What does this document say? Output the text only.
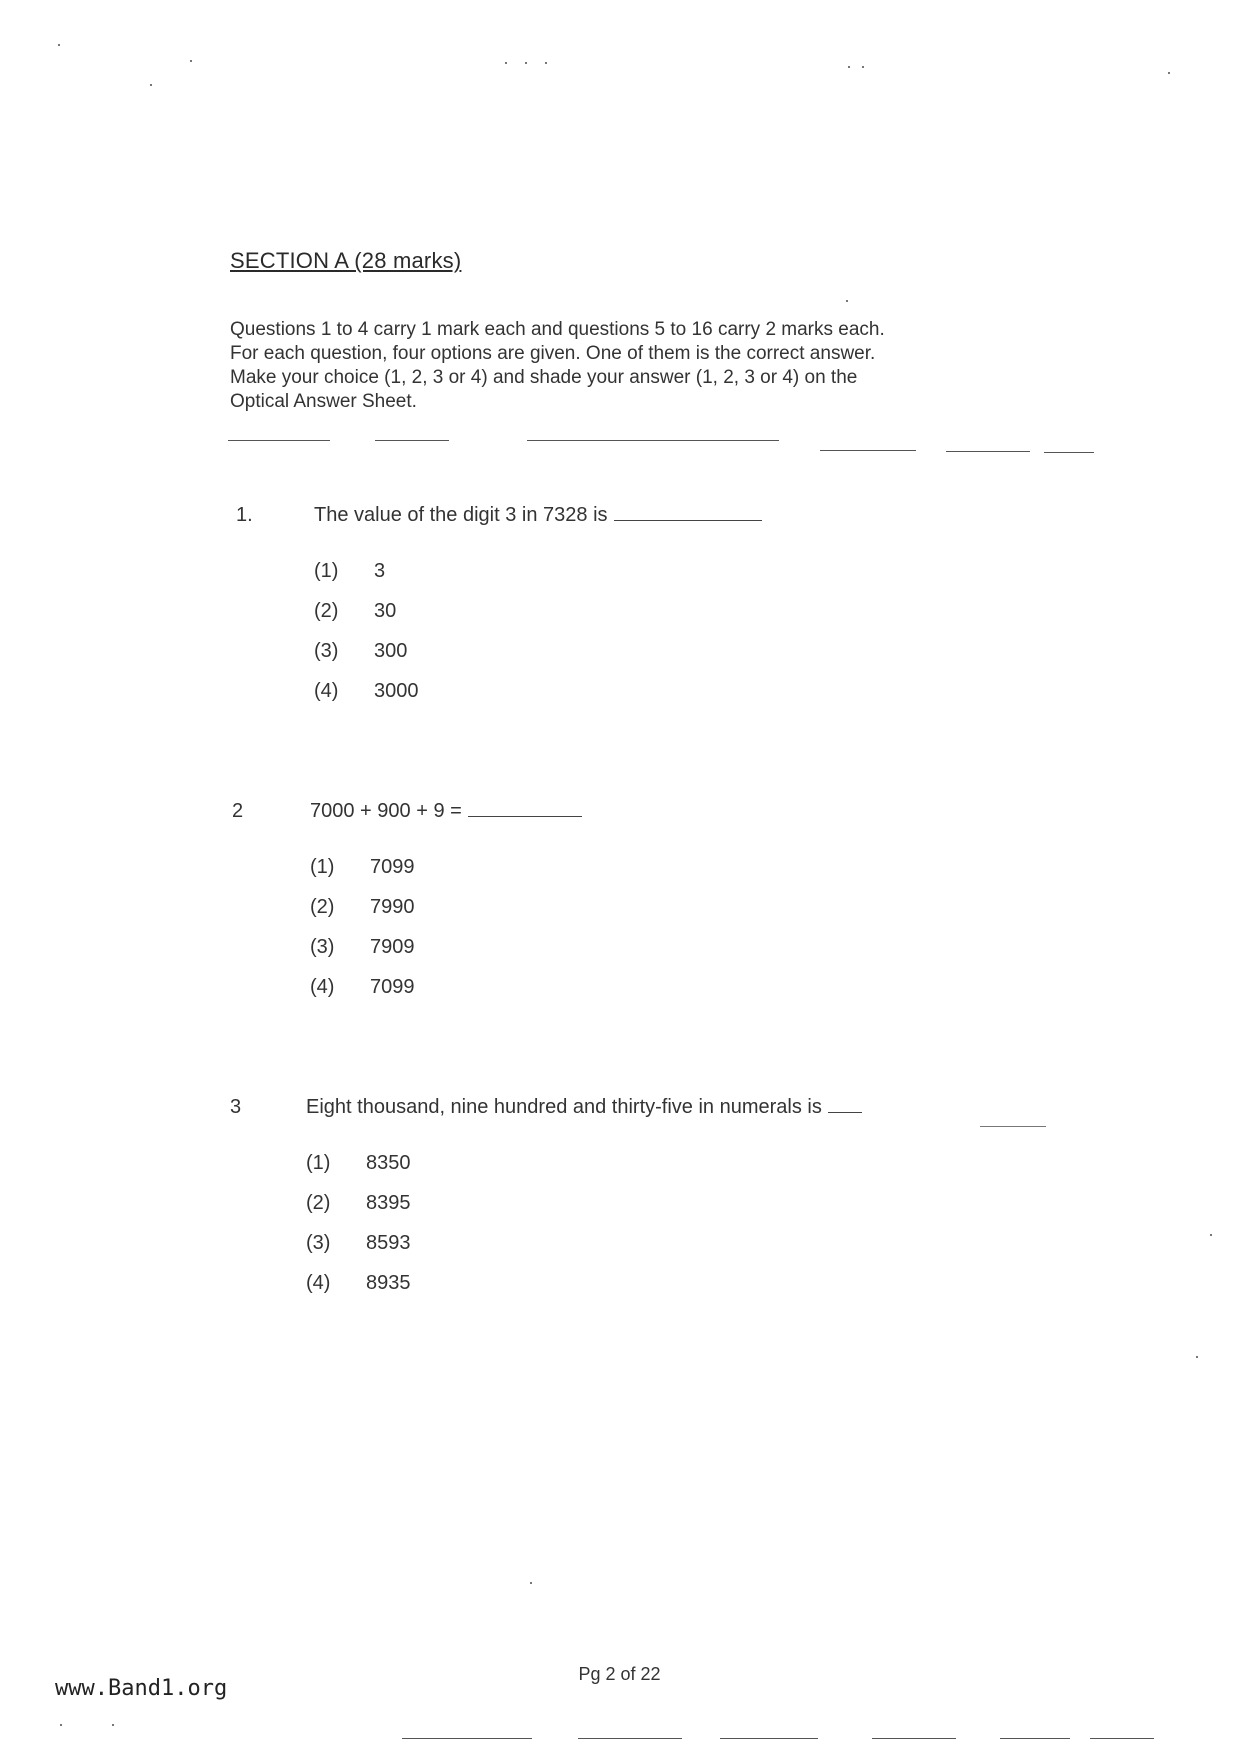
SECTION A (28 marks)

Questions 1 to 4 carry 1 mark each and questions 5 to 16 carry 2 marks each.

For each question, four options are given. One of them is the correct answer.

Make your choice (1, 2, 3 or 4) and shade your answer (1, 2, 3 or 4) on the

Optical Answer Sheet.

1.	The value of the digit 3 in 7328 is
(1) 3
(2) 30
(3) 300
(4) 3000
2	7000 + 900 + 9 =
(1) 7099
(2) 7990
(3) 7909
(4) 7099
3	Eight thousand, nine hundred and thirty-five in numerals is
(1) 8350
(2) 8395
(3) 8593
(4) 8935
Pg 2 of 22
www.Band1.org
